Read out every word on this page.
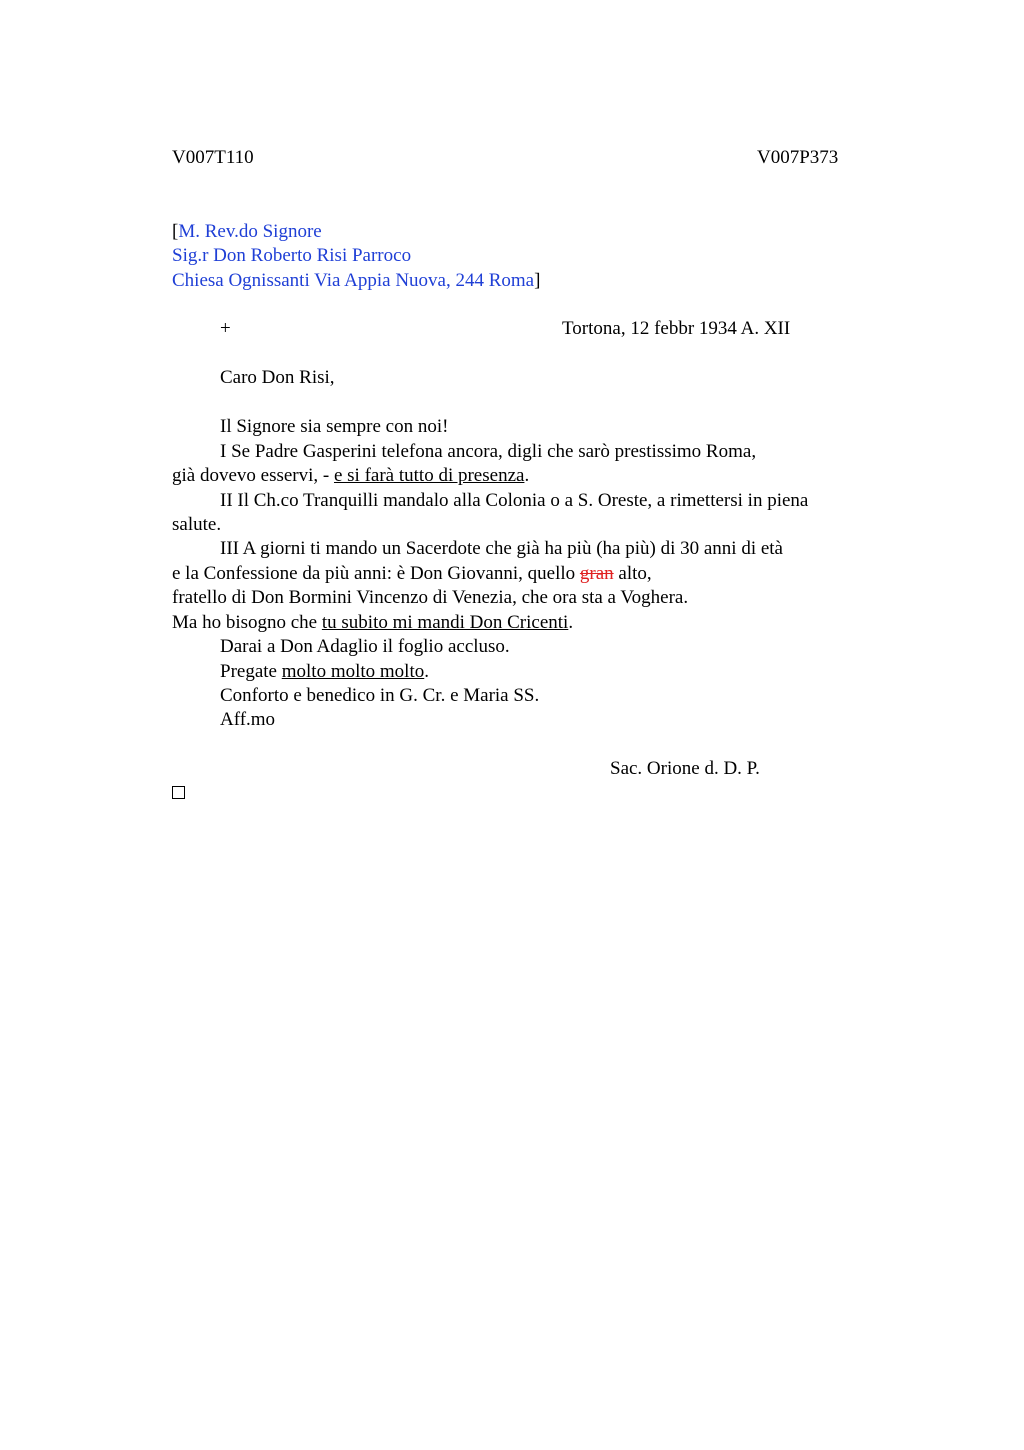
V007T110	V007P373
[M. Rev.do Signore
Sig.r Don Roberto Risi Parroco
Chiesa Ognissanti Via Appia Nuova, 244 Roma]
+	Tortona, 12 febbr 1934 A. XII
Caro Don Risi,
Il Signore sia sempre con noi!
I Se Padre Gasperini telefona ancora, digli che sarò prestissimo Roma,
già dovevo esservi, - e si farà tutto di presenza.
II Il Ch.co Tranquilli mandalo alla Colonia o a S. Oreste, a rimettersi in piena
salute.
III A giorni ti mando un Sacerdote che già ha più (ha più) di 30 anni di età
e la Confessione da più anni: è Don Giovanni, quello gran alto,
fratello di Don Bormini Vincenzo di Venezia, che ora sta a Voghera.
Ma ho bisogno che tu subito mi mandi Don Cricenti.
Darai a Don Adaglio il foglio accluso.
Pregate molto molto molto.
Conforto e benedico in G. Cr. e Maria SS.
Aff.mo
Sac. Orione d. D. P.
